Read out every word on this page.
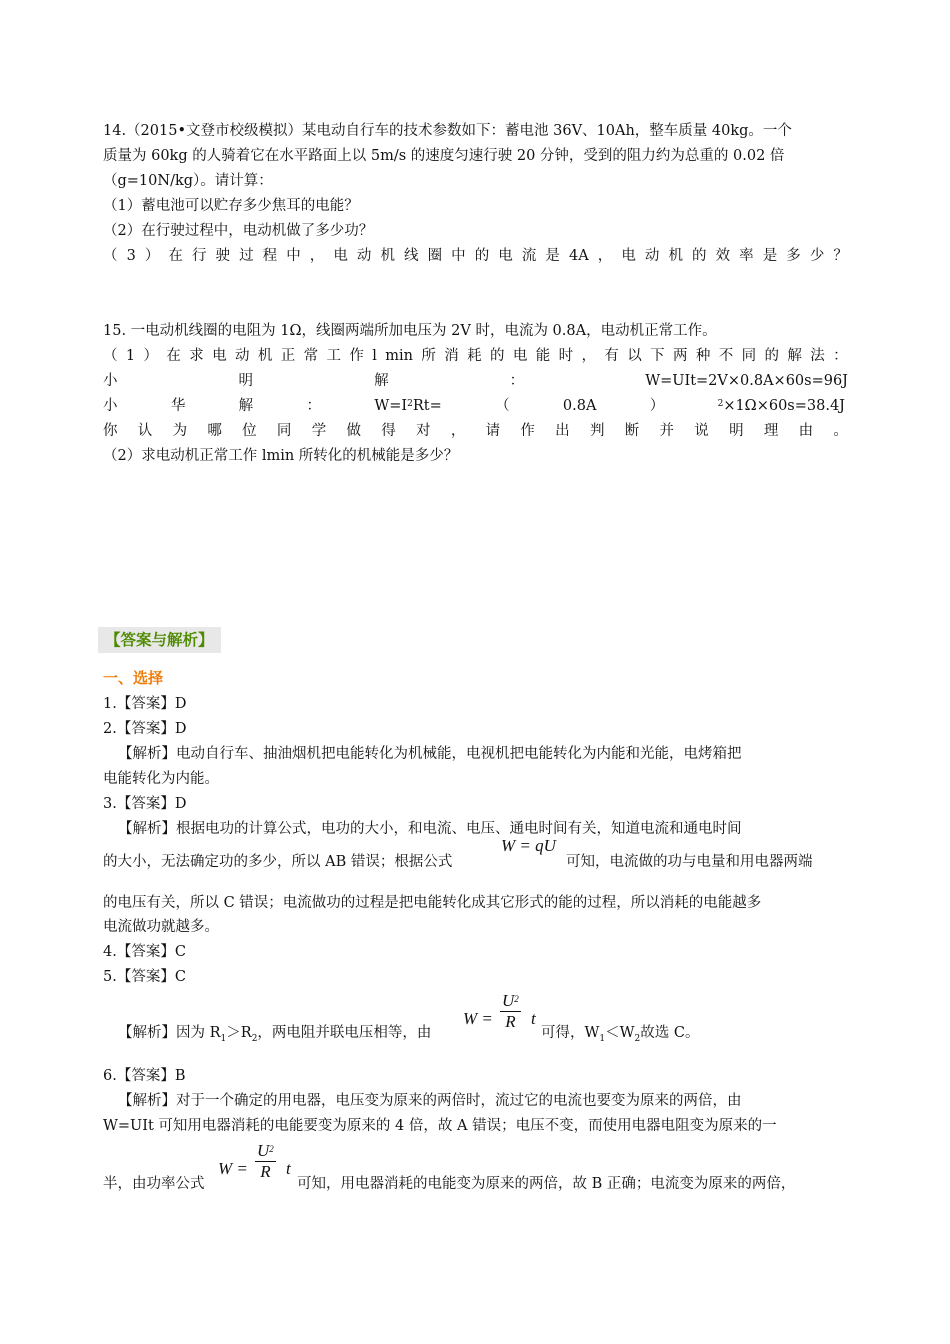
14.（2015•文登市校级模拟）某电动自行车的技术参数如下：蓄电池 36V、10Ah，整车质量 40kg。一个
质量为 60kg 的人骑着它在水平路面上以 5m/s 的速度匀速行驶 20 分钟，受到的阻力约为总重的 0.02 倍
（g=10N/kg）。请计算：
（1）蓄电池可以贮存多少焦耳的电能？
（2）在行驶过程中，电动机做了多少功？
（ 3 ） 在 行 驶 过 程 中 ， 电 动 机 线 圈 中 的 电 流 是 4A ， 电 动 机 的 效 率 是 多 少 ？
15. 一电动机线圈的电阻为 1Ω，线圈两端所加电压为 2V 时，电流为 0.8A，电动机正常工作。
（ 1 ） 在 求 电 动 机 正 常 工 作 l min 所 消 耗 的 电 能 时 ， 有 以 下 两 种 不 同 的 解 法 ：
小	明	解	：	W=UIt=2V×0.8A×60s=96J
小	华	解	：	$W=I^2Rt=$	（	0.8A	）	$^2$×1Ω×60s=38.4J
你 认 为 哪 位 同 学 做 得 对 ， 请 作 出 判 断 并 说 明 理 由 。
（2）求电动机正常工作 lmin 所转化的机械能是多少？
【答案与解析】
一、选择
1.【答案】D
2.【答案】D
【解析】电动自行车、抽油烟机把电能转化为机械能，电视机把电能转化为内能和光能，电烤箱把
电能转化为内能。
3.【答案】D
【解析】根据电功的计算公式，电功的大小，和电流、电压、通电时间有关，知道电流和通电时间
的大小，无法确定功的多少，所以 AB 错误；根据公式
W = qU
可知，电流做的功与电量和用电器两端
的电压有关，所以 C 错误；电流做功的过程是把电能转化成其它形式的能的过程，所以消耗的电能越多
电流做功就越多。
4.【答案】C
5.【答案】C
【解析】因为 $R_1>R_2$，两电阻并联电压相等，由
$W = \frac{U^2}{R}$ t
可得，$W_1<W_2$故选 C。
6.【答案】B
【解析】对于一个确定的用电器，电压变为原来的两倍时，流过它的电流也要变为原来的两倍，由
W=UIt 可知用电器消耗的电能要变为原来的 4 倍，故 A 错误；电压不变，而使用电器电阻变为原来的一
半，由功率公式
$W = \frac{U^2}{R}$ t
可知，用电器消耗的电能变为原来的两倍，故 B 正确；电流变为原来的两倍，
